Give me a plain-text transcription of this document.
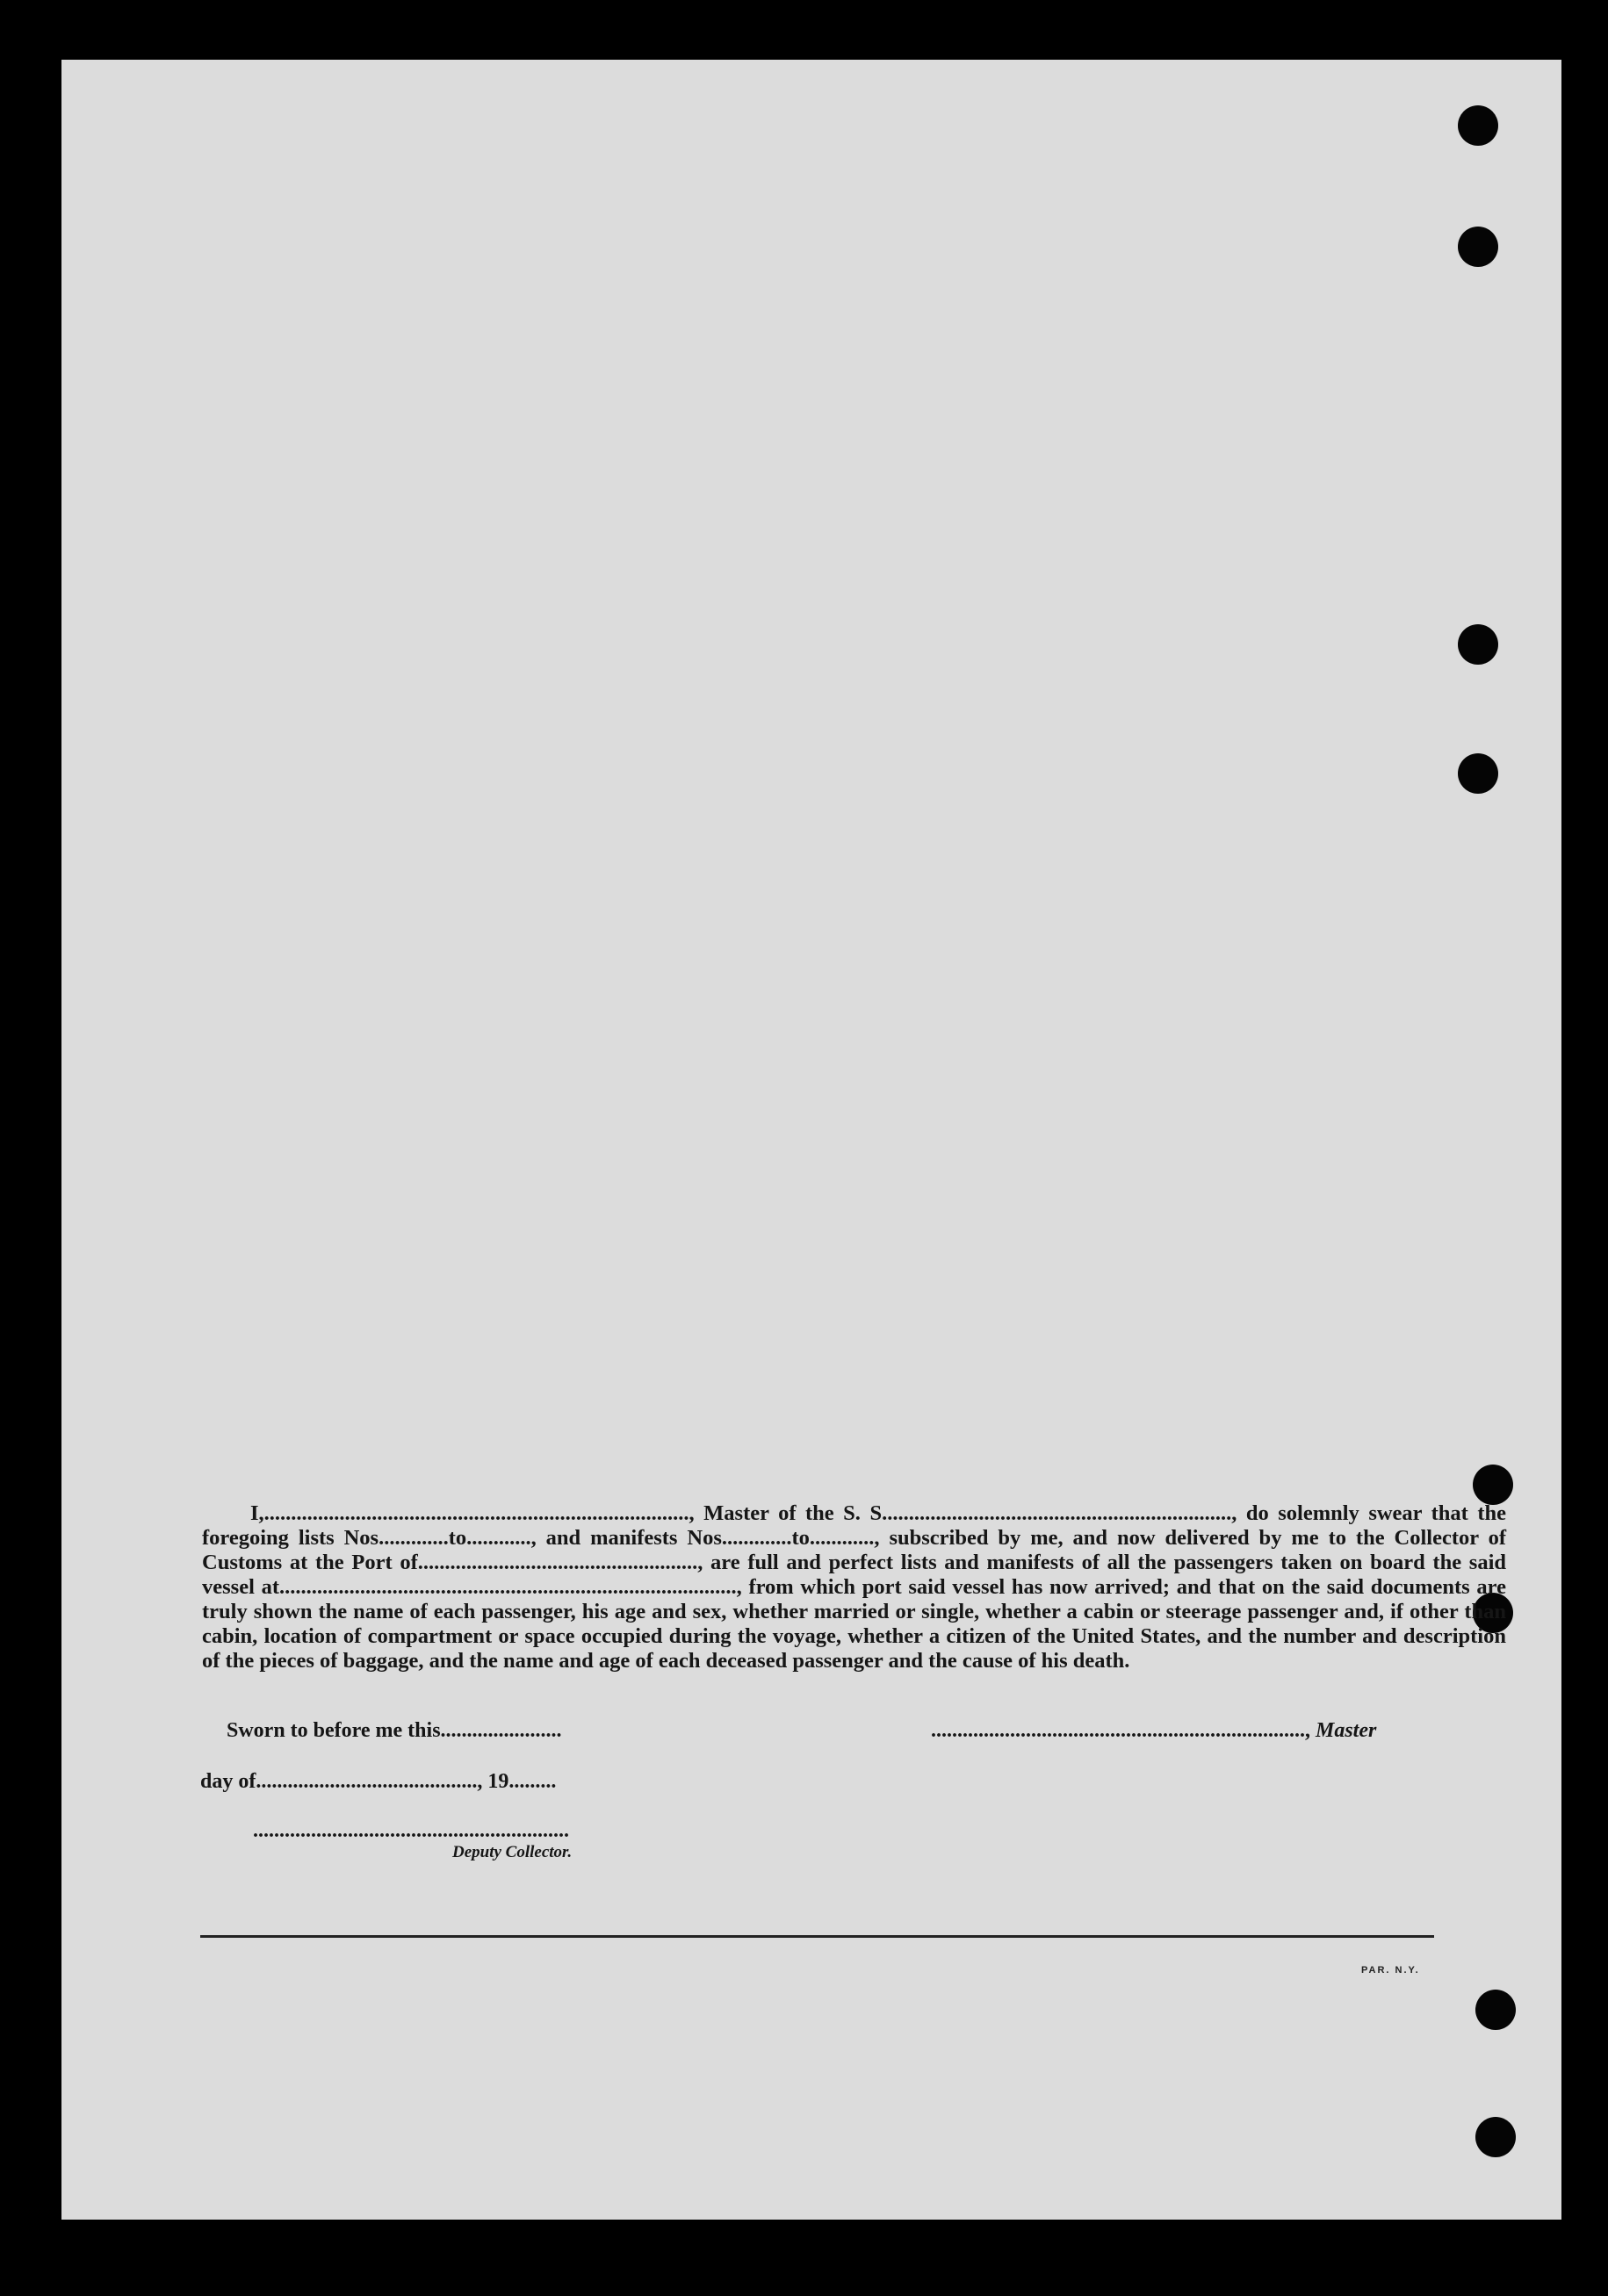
I,..............................................................................., Master of the S. S................................................................., do solemnly swear that the foregoing lists Nos.............to............, and manifests Nos.............to............, subscribed by me, and now delivered by me to the Collector of Customs at the Port of...................................................., are full and perfect lists and manifests of all the passengers taken on board the said vessel at....................................................................................., from which port said vessel has now arrived; and that on the said documents are truly shown the name of each passenger, his age and sex, whether married or single, whether a cabin or steerage passenger and, if other than cabin, location of compartment or space occupied during the voyage, whether a citizen of the United States, and the number and description of the pieces of baggage, and the name and age of each deceased passenger and the cause of his death.

Sworn to before me this.......................	......................................................................., Master
day of.........................................., 19.........
............................................................
Deputy Collector.
PAR. N.Y.
